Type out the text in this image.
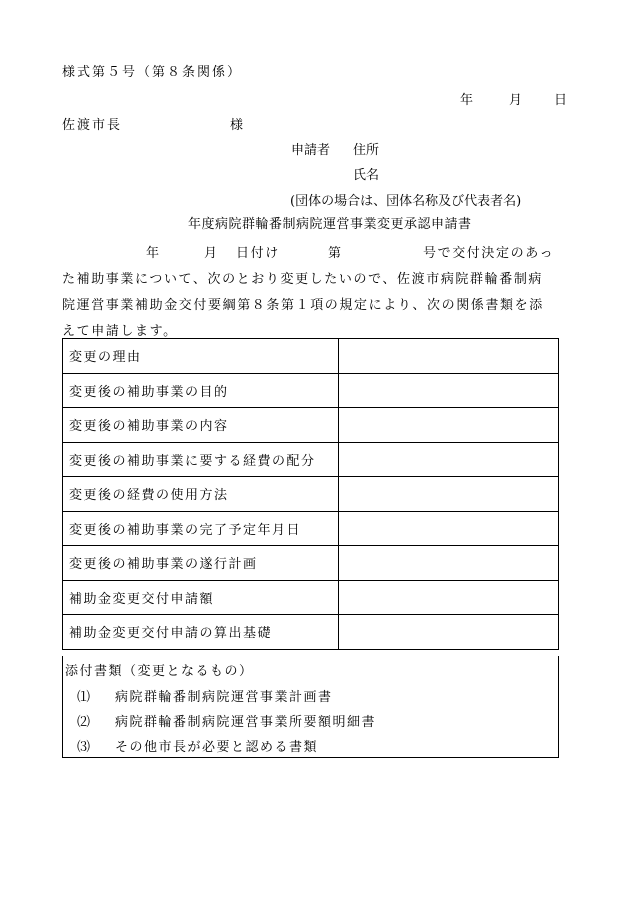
様式第５号（第８条関係）
年	月 日
佐渡市長	様
申請者 住所
氏名
(団体の場合は、団体名称及び代表者名)
年度病院群輪番制病院運営事業変更承認申請書
年	月 日付け	第	号で交付決定のあっ
た補助事業について、次のとおり変更したいので、佐渡市病院群輪番制病
院運営事業補助金交付要綱第８条第１項の規定により、次の関係書類を添
えて申請します。
変更の理由	
変更後の補助事業の目的	
変更後の補助事業の内容	
変更後の補助事業に要する経費の配分	
変更後の経費の使用方法	
変更後の補助事業の完了予定年月日	
変更後の補助事業の遂行計画	
補助金変更交付申請額	
補助金変更交付申請の算出基礎	
添付書類（変更となるもの）
⑴ 病院群輪番制病院運営事業計画書
⑵ 病院群輪番制病院運営事業所要額明細書
⑶ その他市長が必要と認める書類
